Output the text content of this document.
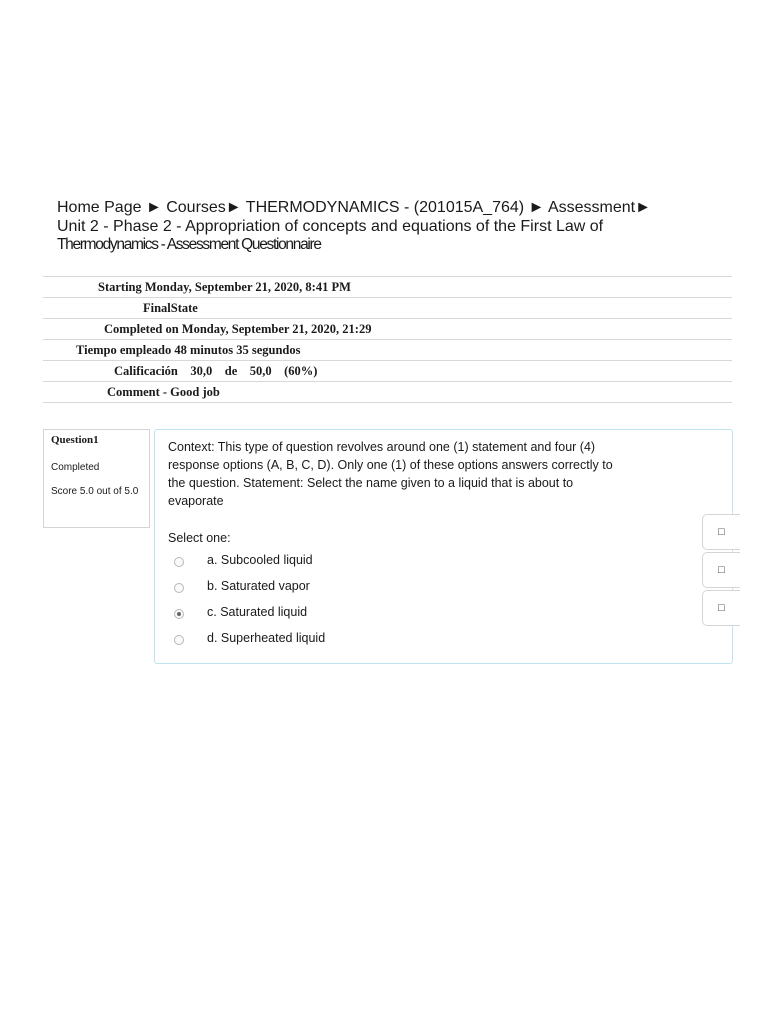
Home Page ► Courses► THERMODYNAMICS - (201015A_764) ► Assessment►
Unit 2 - Phase 2 - Appropriation of concepts and equations of the First Law of
Thermodynamics - Assessment Questionnaire
Starting Monday, September 21, 2020, 8:41 PM
FinalState
Completed on Monday, September 21, 2020, 21:29
Tiempo empleado 48 minutos 35 segundos
Calificación    30,0    de    50,0    (60%)
Comment - Good job
Question1
Completed
Score 5.0 out of 5.0
Context: This type of question revolves around one (1) statement and four (4) response options (A, B, C, D). Only one (1) of these options answers correctly to the question. Statement: Select the name given to a liquid that is about to evaporate
Select one:
a. Subcooled liquid
b. Saturated vapor
c. Saturated liquid
d. Superheated liquid
□
□
□
